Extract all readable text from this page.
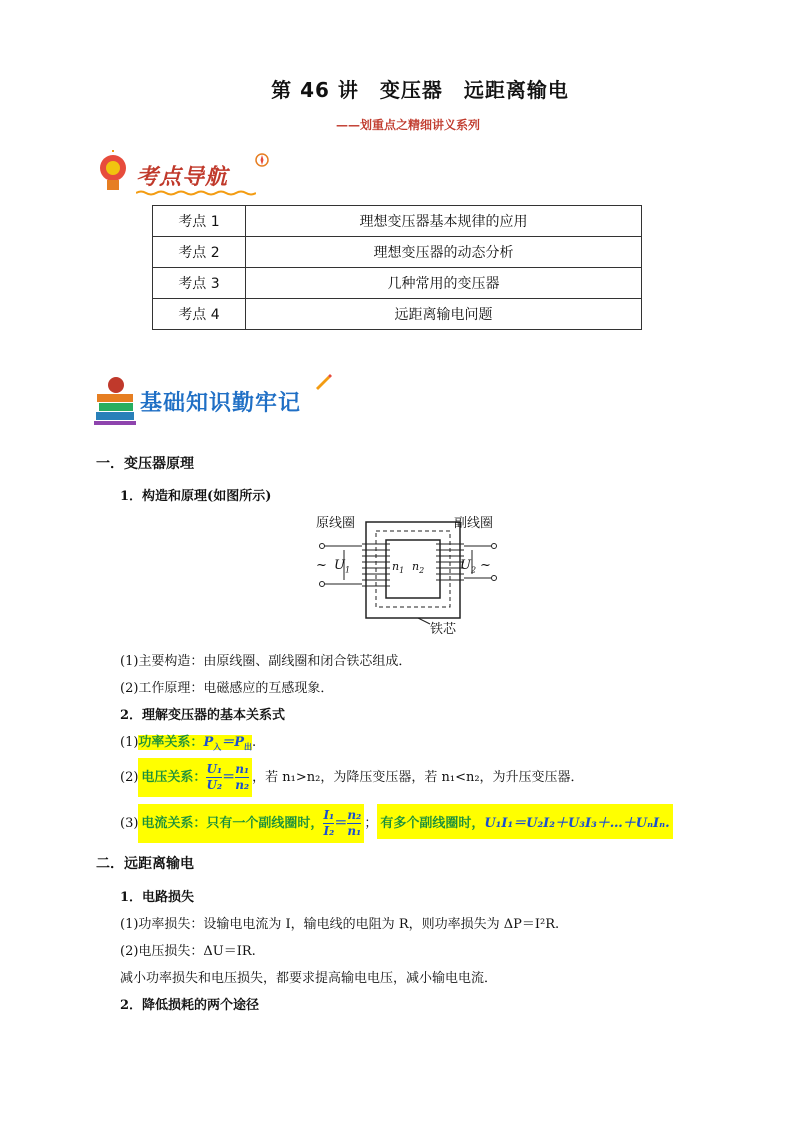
第 46 讲　变压器　远距离输电
——划重点之精细讲义系列
考点导航
考点 1	理想变压器基本规律的应用
考点 2	理想变压器的动态分析
考点 3	几种常用的变压器
考点 4	远距离输电问题
基础知识勤牢记
一．变压器原理
1．构造和原理(如图所示)
原线圈	副线圈
铁芯
~	~
$U_1$	$U_2$
$n_1$ $n_2$
(1)主要构造：由原线圈、副线圈和闭合铁芯组成．
(2)工作原理：电磁感应的互感现象．
2．理解变压器的基本关系式
(1)功率关系：$P_入=P_出$.
(2) 电压关系： $\frac{\text{U₁}}{\text{U₂}} = \frac{\text{n₁}}{\text{n₂}}$ ，若 n₁>n₂，为降压变压器，若 n₁<n₂，为升压变压器．
(3) 电流关系：只有一个副线圈时， $\frac{\text{I₁}}{\text{I₂}} = \frac{\text{n₂}}{\text{n₁}}$ ； 有多个副线圈时，U₁I₁＝U₂I₂＋U₃I₃＋…＋UₙIₙ.
二．远距离输电
1．电路损失
(1)功率损失：设输电电流为 I，输电线的电阻为 R，则功率损失为 ΔP＝I²R.
(2)电压损失：ΔU＝IR.
减小功率损失和电压损失，都要求提高输电电压，减小输电电流．
2．降低损耗的两个途径
